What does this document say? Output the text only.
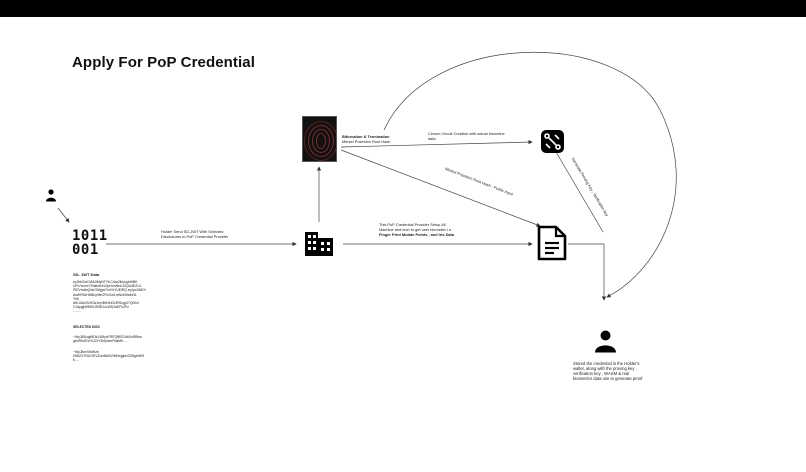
Apply For PoP Credential
1011
001
SD- JWT Data
eyJhbGciOiAiUlMyNTYiLCAia2lkIjogInNBK
UFtVxcmrY2NkkdUrvSpHonNeUJ4QUdEZUL
PIEVnc6ej2ctrOMjgwTmVhYUEiRQ.eyJpc3MiOi
AiaHR0cHM6Ly9leGFtcGxlLmNvbSIsInN1
YiI6
lWL0AIv3VlX3z1eyIBIHAiOiJRSzgjU7Q00zl
CJdpgjhBlNiOJR5EJxLWS2aEFIUFd
........
SELECTED DISC
~WyJBSzgiMDk1Vl8ycFR0TjRBTUt6VzRBbw
gbnRhdGVrX2ZrY2hfplvmPdaMh.....
~WyJlbmVlbWzb
HMiZXTNUGEVZIzxNkl0VlM0wjgbnS25lgbIW5
b....
Holder Send SD-JWT With Selected
Disclosures to PoP Credential Provider
Bifurcation & Termination
Merkel Poseidon Root Hash
Circom Circuit Creation with actual biometric
data
Merkel Poseidon Root Hash - Public Input	Generate Proving Key , Verification key
This PoP Credential Provider Setup All
Machine and tech to get user biometric i.e
Finger Print Mutate Points , and Iris Data
Stored the credential in the Holder's
wallet, along with the proving key ,
verification key , WASM & real
biometrics data use to generate proof
